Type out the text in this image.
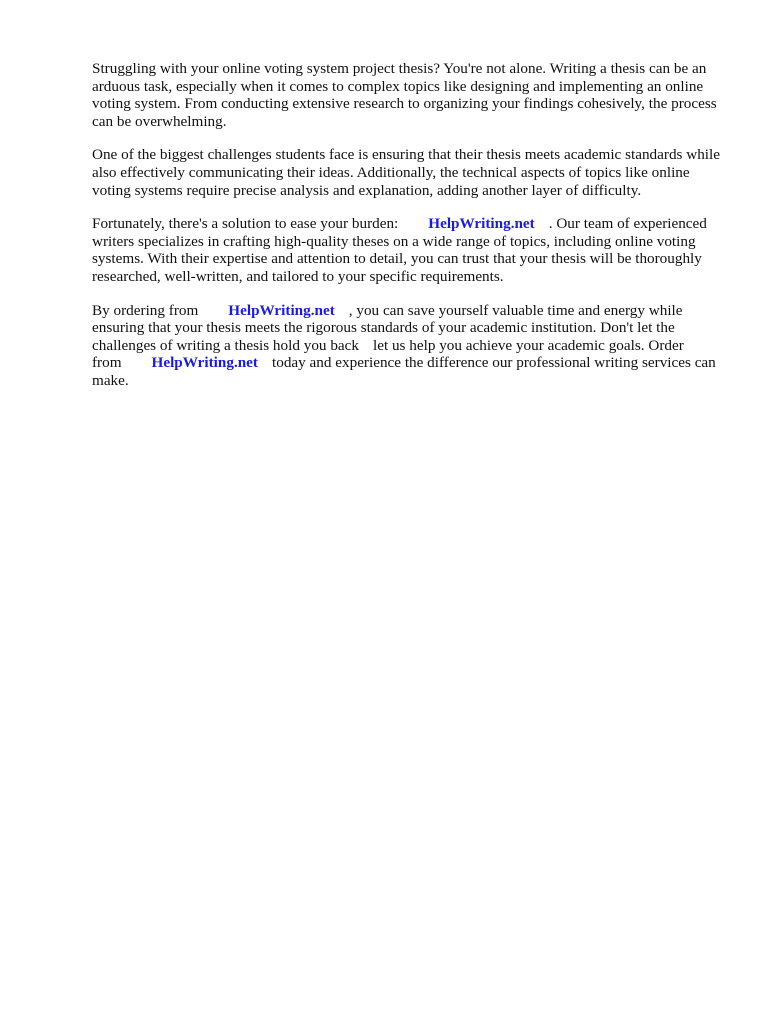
Struggling with your online voting system project thesis? You're not alone. Writing a thesis can be an arduous task, especially when it comes to complex topics like designing and implementing an online voting system. From conducting extensive research to organizing your findings cohesively, the process can be overwhelming.

One of the biggest challenges students face is ensuring that their thesis meets academic standards while also effectively communicating their ideas. Additionally, the technical aspects of topics like online voting systems require precise analysis and explanation, adding another layer of difficulty.

Fortunately, there's a solution to ease your burden: HelpWriting.net . Our team of experienced writers specializes in crafting high-quality theses on a wide range of topics, including online voting systems. With their expertise and attention to detail, you can trust that your thesis will be thoroughly researched, well-written, and tailored to your specific requirements.

By ordering from HelpWriting.net , you can save yourself valuable time and energy while ensuring that your thesis meets the rigorous standards of your academic institution. Don't let the challenges of writing a thesis hold you back let us help you achieve your academic goals. Order from HelpWriting.net today and experience the difference our professional writing services can make.
